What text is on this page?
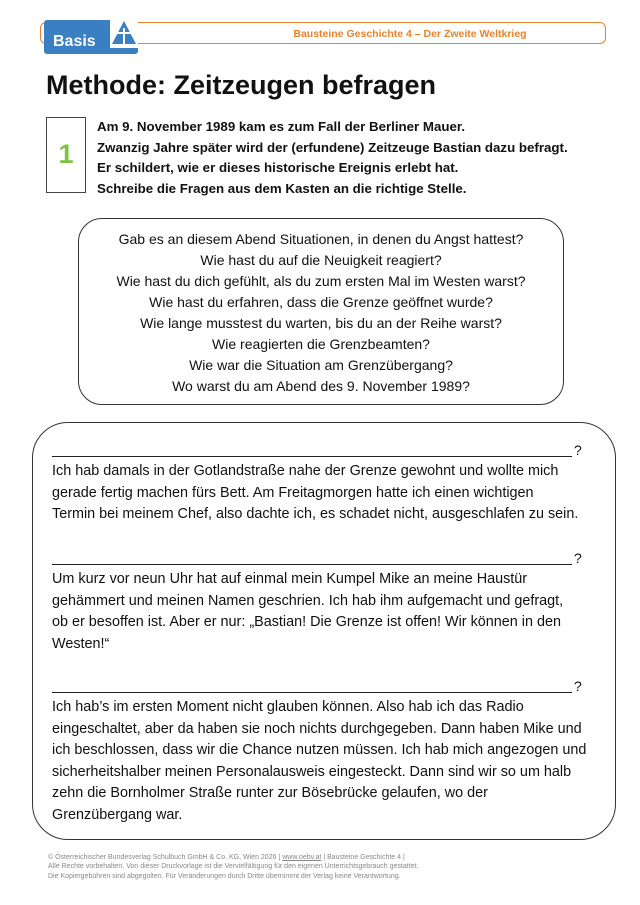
Bausteine Geschichte 4 – Der Zweite Weltkrieg
Basis
Methode: Zeitzeugen befragen
1
Am 9. November 1989 kam es zum Fall der Berliner Mauer.
Zwanzig Jahre später wird der (erfundene) Zeitzeuge Bastian dazu befragt.
Er schildert, wie er dieses historische Ereignis erlebt hat.
Schreibe die Fragen aus dem Kasten an die richtige Stelle.
Gab es an diesem Abend Situationen, in denen du Angst hattest?
Wie hast du auf die Neuigkeit reagiert?
Wie hast du dich gefühlt, als du zum ersten Mal im Westen warst?
Wie hast du erfahren, dass die Grenze geöffnet wurde?
Wie lange musstest du warten, bis du an der Reihe warst?
Wie reagierten die Grenzbeamten?
Wie war die Situation am Grenzübergang?
Wo warst du am Abend des 9. November 1989?
?
Ich hab damals in der Gotlandstraße nahe der Grenze gewohnt und wollte mich
gerade fertig machen fürs Bett. Am Freitagmorgen hatte ich einen wichtigen
Termin bei meinem Chef, also dachte ich, es schadet nicht, ausgeschlafen zu sein.
?
Um kurz vor neun Uhr hat auf einmal mein Kumpel Mike an meine Haustür
gehämmert und meinen Namen geschrien. Ich hab ihm aufgemacht und gefragt,
ob er besoffen ist. Aber er nur: „Bastian! Die Grenze ist offen! Wir können in den
Westen!“
?
Ich hab’s im ersten Moment nicht glauben können. Also hab ich das Radio
eingeschaltet, aber da haben sie noch nichts durchgegeben. Dann haben Mike und
ich beschlossen, dass wir die Chance nutzen müssen. Ich hab mich angezogen und
sicherheitshalber meinen Personalausweis eingesteckt. Dann sind wir so um halb
zehn die Bornholmer Straße runter zur Bösebrücke gelaufen, wo der
Grenzübergang war.
© Österreichischer Bundesverlag Schulbuch GmbH & Co. KG, Wien 2026 | www.oebv.at | Bausteine Geschichte 4 |
Alle Rechte vorbehalten. Von dieser Druckvorlage ist die Vervielfältigung für den eigenen Unterrichtsgebrauch gestattet.
Die Kopiergebühren sind abgegolten. Für Veränderungen durch Dritte übernimmt der Verlag keine Verantwortung.
